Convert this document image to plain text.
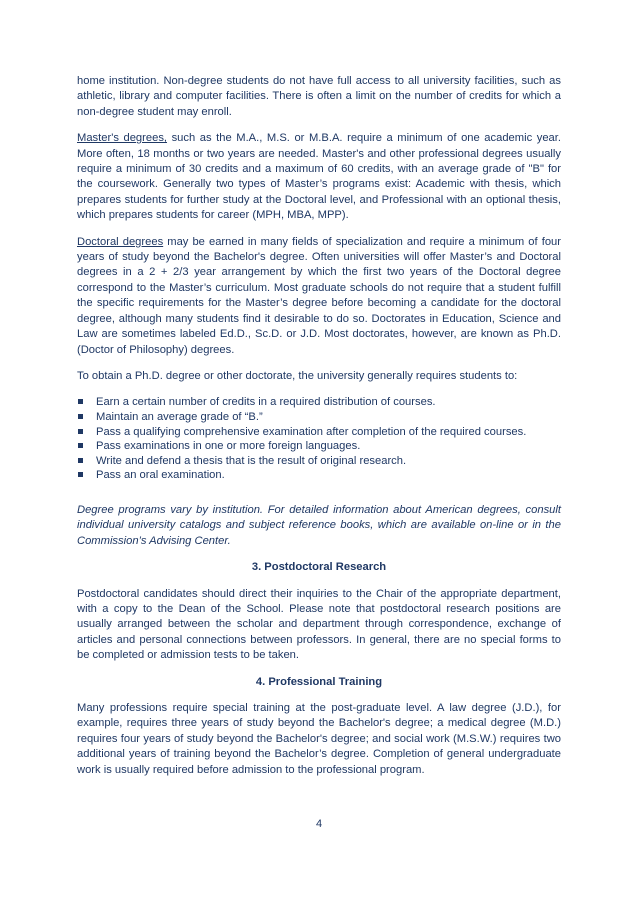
home institution. Non-degree students do not have full access to all university facilities, such as athletic, library and computer facilities. There is often a limit on the number of credits for which a non-degree student may enroll.

Master's degrees, such as the M.A., M.S. or M.B.A. require a minimum of one academic year. More often, 18 months or two years are needed. Master's and other professional degrees usually require a minimum of 30 credits and a maximum of 60 credits, with an average grade of "B" for the coursework. Generally two types of Master’s programs exist: Academic with thesis, which prepares students for further study at the Doctoral level, and Professional with an optional thesis, which prepares students for career (MPH, MBA, MPP).

Doctoral degrees may be earned in many fields of specialization and require a minimum of four years of study beyond the Bachelor's degree. Often universities will offer Master’s and Doctoral degrees in a 2 + 2/3 year arrangement by which the first two years of the Doctoral degree correspond to the Master’s curriculum. Most graduate schools do not require that a student fulfill the specific requirements for the Master’s degree before becoming a candidate for the doctoral degree, although many students find it desirable to do so. Doctorates in Education, Science and Law are sometimes labeled Ed.D., Sc.D. or J.D. Most doctorates, however, are known as Ph.D. (Doctor of Philosophy) degrees.

To obtain a Ph.D. degree or other doctorate, the university generally requires students to:

Earn a certain number of credits in a required distribution of courses.
Maintain an average grade of “B.”
Pass a qualifying comprehensive examination after completion of the required courses.
Pass examinations in one or more foreign languages.
Write and defend a thesis that is the result of original research.
Pass an oral examination.

Degree programs vary by institution. For detailed information about American degrees, consult individual university catalogs and subject reference books, which are available on-line or in the Commission’s Advising Center.

3. Postdoctoral Research

Postdoctoral candidates should direct their inquiries to the Chair of the appropriate department, with a copy to the Dean of the School. Please note that postdoctoral research positions are usually arranged between the scholar and department through correspondence, exchange of articles and personal connections between professors. In general, there are no special forms to be completed or admission tests to be taken.

4. Professional Training

Many professions require special training at the post-graduate level. A law degree (J.D.), for example, requires three years of study beyond the Bachelor's degree; a medical degree (M.D.) requires four years of study beyond the Bachelor's degree; and social work (M.S.W.) requires two additional years of training beyond the Bachelor’s degree. Completion of general undergraduate work is usually required before admission to the professional program.

4
